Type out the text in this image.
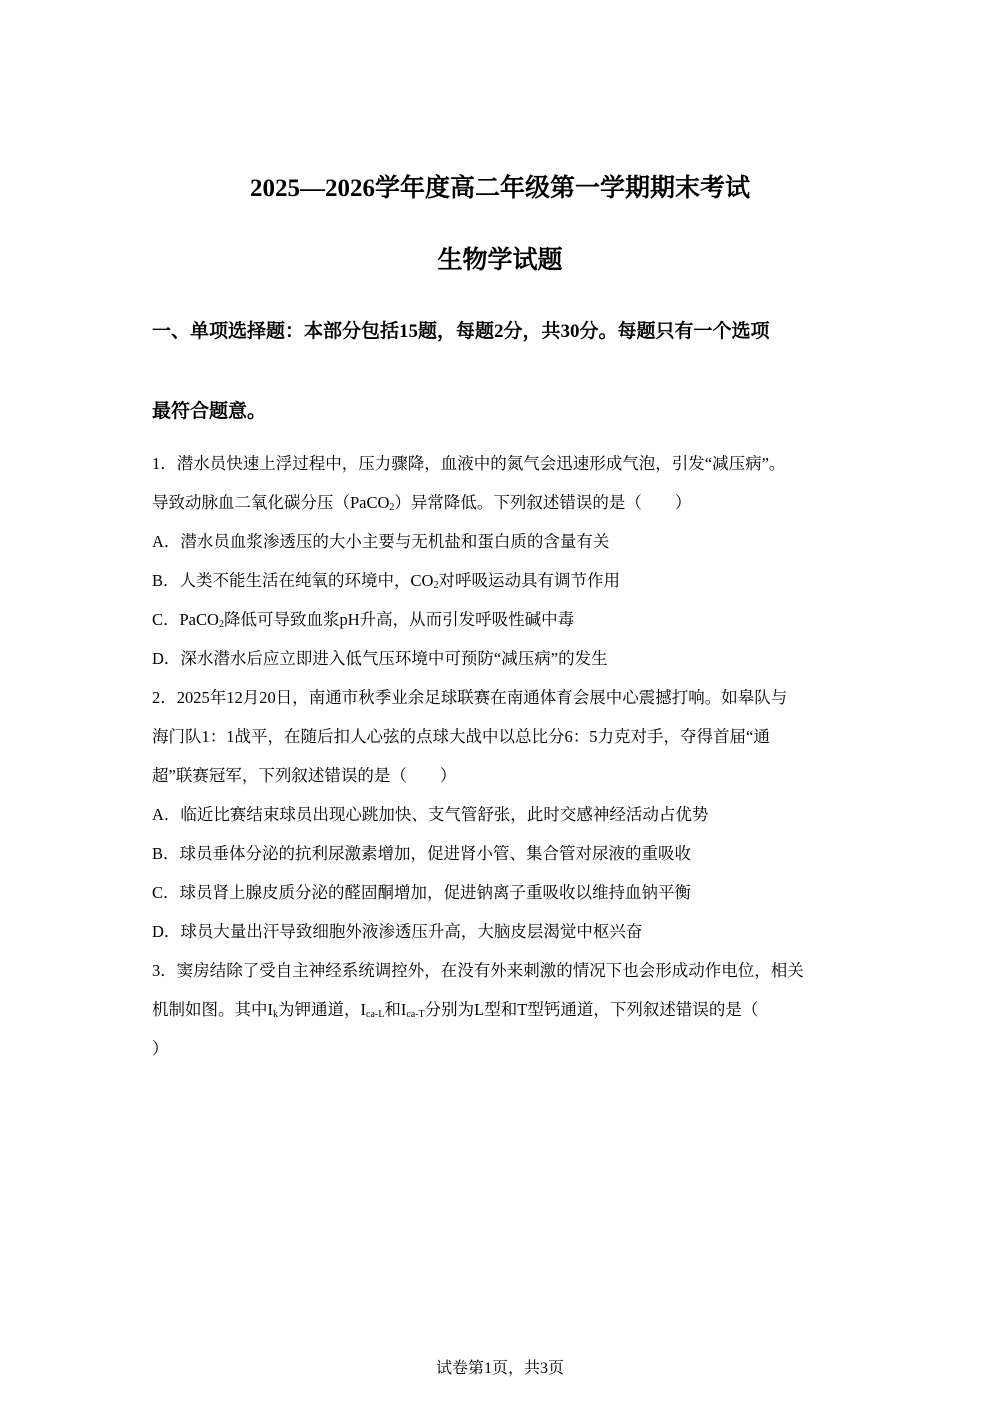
2025—2026学年度高二年级第一学期期末考试
生物学试题
一、单项选择题：本部分包括15题，每题2分，共30分。每题只有一个选项
最符合题意。
1．潜水员快速上浮过程中，压力骤降，血液中的氮气会迅速形成气泡，引发“减压病”。
导致动脉血二氧化碳分压（PaCO$_2$）异常降低。下列叙述错误的是（　　）
A．潜水员血浆渗透压的大小主要与无机盐和蛋白质的含量有关
B．人类不能生活在纯氧的环境中，$CO_2$对呼吸运动具有调节作用
C．PaCO$_2$降低可导致血浆pH升高，从而引发呼吸性碱中毒
D．深水潜水后应立即进入低气压环境中可预防“减压病”的发生
2．2025年12月20日，南通市秋季业余足球联赛在南通体育会展中心震撼打响。如皋队与
海门队1：1战平，在随后扣人心弦的点球大战中以总比分6：5力克对手，夺得首届“通
超”联赛冠军，下列叙述错误的是（　　）
A．临近比赛结束球员出现心跳加快、支气管舒张，此时交感神经活动占优势
B．球员垂体分泌的抗利尿激素增加，促进肾小管、集合管对尿液的重吸收
C．球员肾上腺皮质分泌的醛固酮增加，促进钠离子重吸收以维持血钠平衡
D．球员大量出汗导致细胞外液渗透压升高，大脑皮层渴觉中枢兴奋
3．窦房结除了受自主神经系统调控外，在没有外来刺激的情况下也会形成动作电位，相关
机制如图。其中$I_k$为钾通道，$I_{ca-L}$和$I_{ca-T}$分别为L型和T型钙通道，下列叙述错误的是（
）
试卷第1页，共3页
